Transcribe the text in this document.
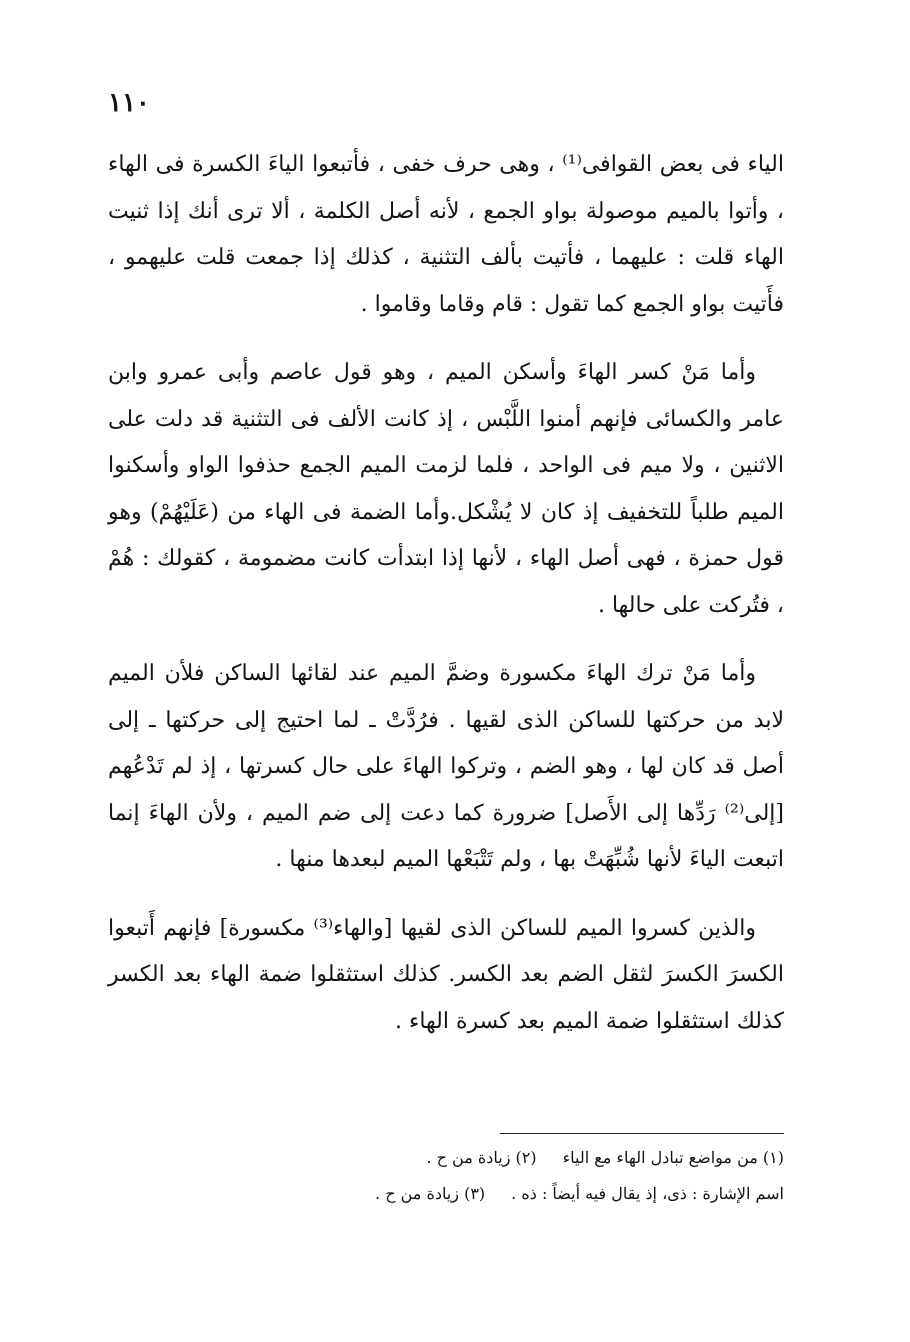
١١٠

الياء فى بعض القوافى⁽¹⁾ ، وهى حرف خفى ، فأتبعوا الياءَ الكسرة فى الهاء ، وأتوا بالميم موصولة بواو الجمع ، لأنه أصل الكلمة ، ألا ترى أنك إذا ثنيت الهاء قلت : عليهما ، فأتيت بألف التثنية ، كذلك إذا جمعت قلت عليهمو ، فأَتيت بواو الجمع كما تقول : قام وقاما وقاموا .

وأما مَنْ كسر الهاءَ وأسكن الميم ، وهو قول عاصم وأبى عمرو وابن عامر والكسائى فإنهم أمنوا اللَّبْس ، إذ كانت الألف فى التثنية قد دلت على الاثنين ، ولا ميم فى الواحد ، فلما لزمت الميم الجمع حذفوا الواو وأسكنوا الميم طلباً للتخفيف إذ كان لا يُشْكل.وأما الضمة فى الهاء من (عَلَيْهُمْ) وهو قول حمزة ، فهى أصل الهاء ، لأنها إذا ابتدأت كانت مضمومة ، كقولك : هُمْ ، فتُركت على حالها .

وأما مَنْ ترك الهاءَ مكسورة وضمَّ الميم عند لقائها الساكن فلأن الميم لابد من حركتها للساكن الذى لقيها . فرُدَّتْ ـ لما احتيج إلى حركتها ـ إلى أصل قد كان لها ، وهو الضم ، وتركوا الهاءَ على حال كسرتها ، إذ لم تَدْعُهم [إلى⁽²⁾ رَدِّها إلى الأَصل] ضرورة كما دعت إلى ضم الميم ، ولأن الهاءَ إنما اتبعت الياءَ لأنها شُبِّهَتْ بها ، ولم تَتْبَعْها الميم لبعدها منها .

والذين كسروا الميم للساكن الذى لقيها [والهاء⁽³⁾ مكسورة] فإنهم أَتبعوا الكسرَ الكسرَ لثقل الضم بعد الكسر. كذلك استثقلوا ضمة الهاء بعد الكسر كذلك استثقلوا ضمة الميم بعد كسرة الهاء .

(١) من مواضع تبادل الهاء مع الياء(٢) زيادة من ح .
اسم الإشارة : ذى، إذ يقال فيه أيضاً : ذه .(٣) زيادة من ح .
